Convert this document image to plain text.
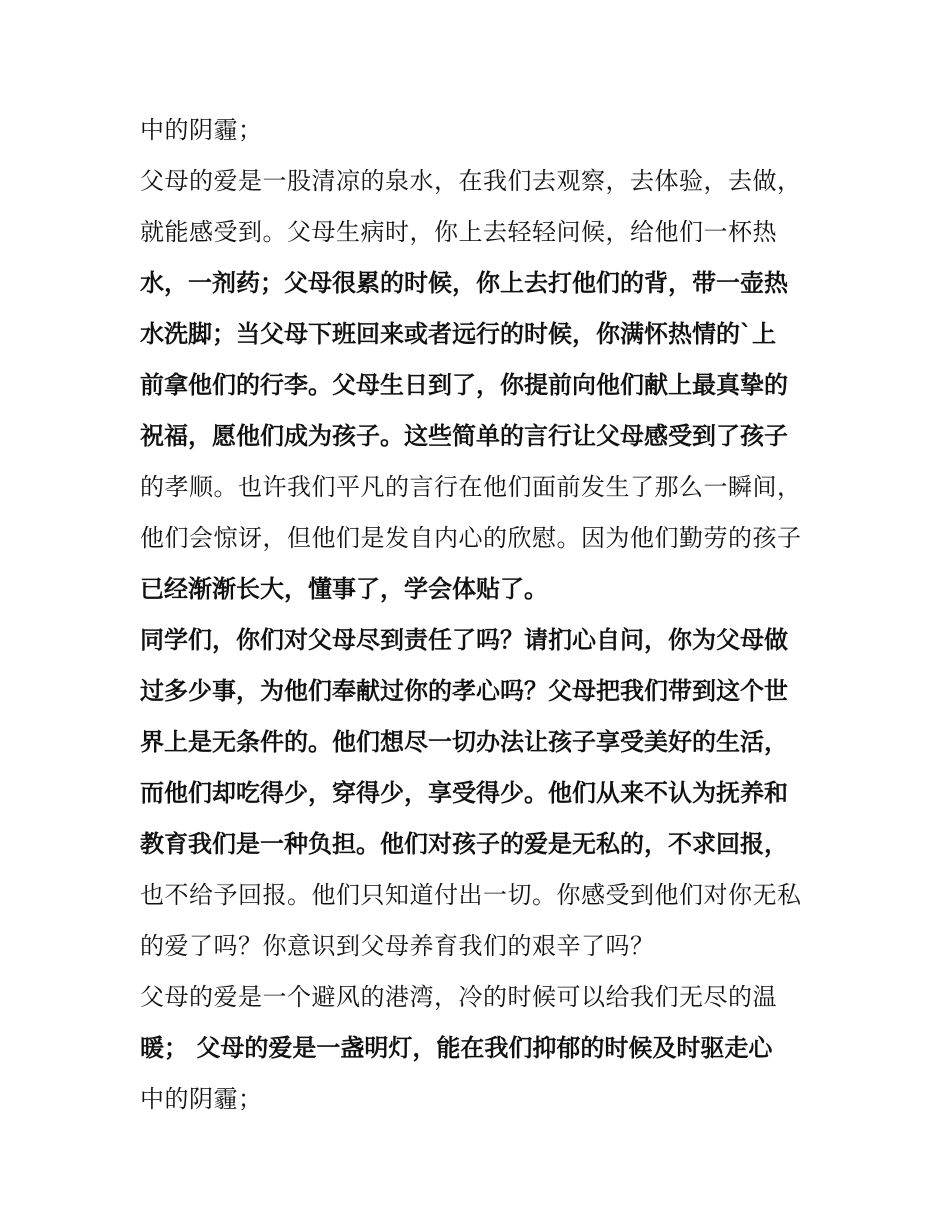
中的阴霾；
父母的爱是一股清凉的泉水，在我们去观察，去体验，去做，
就能感受到。父母生病时，你上去轻轻问候，给他们一杯热
水，一剂药；父母很累的时候，你上去打他们的背，带一壶热
水洗脚；当父母下班回来或者远行的时候，你满怀热情的`上
前拿他们的行李。父母生日到了，你提前向他们献上最真挚的
祝福，愿他们成为孩子。这些简单的言行让父母感受到了孩子
的孝顺。也许我们平凡的言行在他们面前发生了那么一瞬间，
他们会惊讶，但他们是发自内心的欣慰。因为他们勤劳的孩子
已经渐渐长大，懂事了，学会体贴了。
同学们，你们对父母尽到责任了吗？请扪心自问，你为父母做
过多少事，为他们奉献过你的孝心吗？父母把我们带到这个世
界上是无条件的。他们想尽一切办法让孩子享受美好的生活，
而他们却吃得少，穿得少，享受得少。他们从来不认为抚养和
教育我们是一种负担。他们对孩子的爱是无私的，不求回报，
也不给予回报。他们只知道付出一切。你感受到他们对你无私
的爱了吗？你意识到父母养育我们的艰辛了吗？
父母的爱是一个避风的港湾，冷的时候可以给我们无尽的温
暖； 父母的爱是一盏明灯，能在我们抑郁的时候及时驱走心
中的阴霾；
